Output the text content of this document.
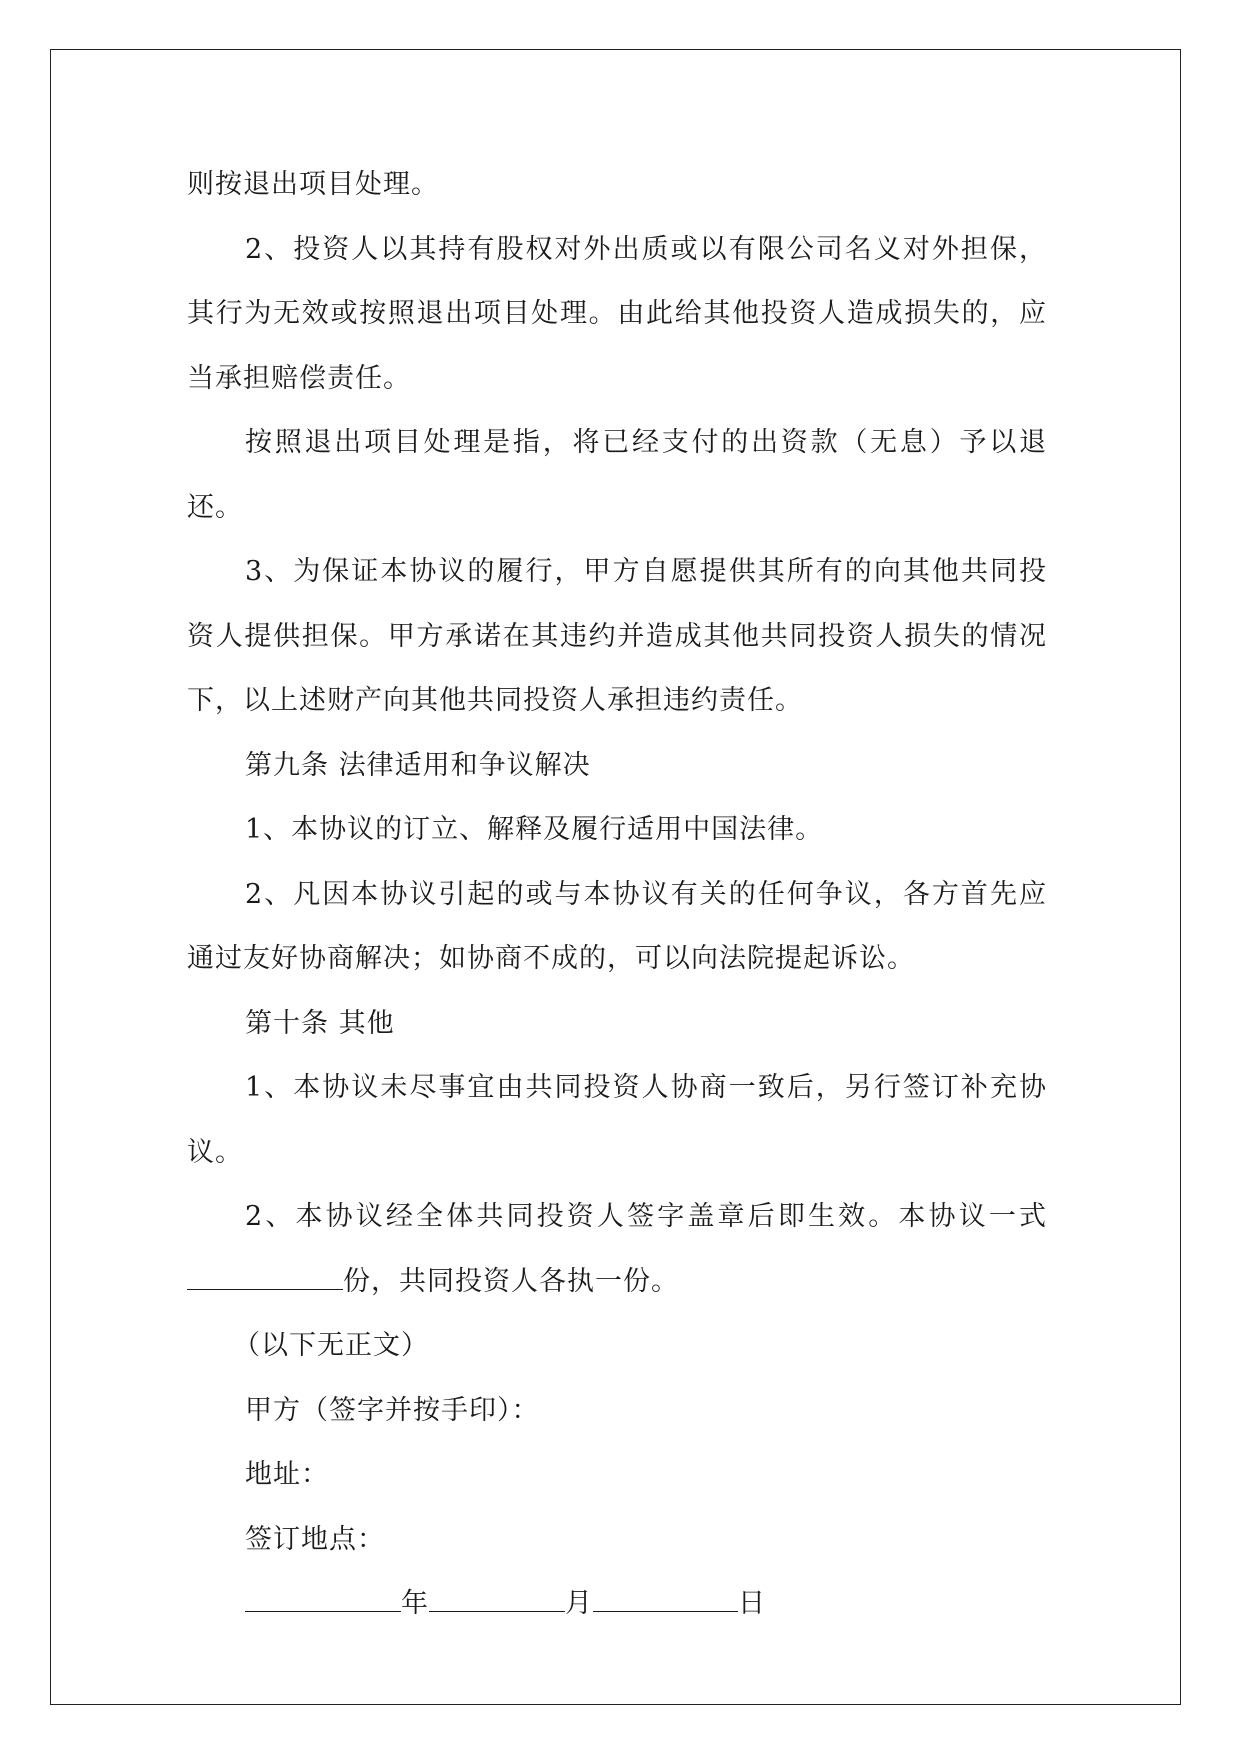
则按退出项目处理。

2、投资人以其持有股权对外出质或以有限公司名义对外担保，其行为无效或按照退出项目处理。由此给其他投资人造成损失的，应当承担赔偿责任。

按照退出项目处理是指，将已经支付的出资款（无息）予以退还。

3、为保证本协议的履行，甲方自愿提供其所有的向其他共同投资人提供担保。甲方承诺在其违约并造成其他共同投资人损失的情况下，以上述财产向其他共同投资人承担违约责任。

第九条 法律适用和争议解决

1、本协议的订立、解释及履行适用中国法律。

2、凡因本协议引起的或与本协议有关的任何争议，各方首先应通过友好协商解决；如协商不成的，可以向法院提起诉讼。

第十条 其他

1、本协议未尽事宜由共同投资人协商一致后，另行签订补充协议。

2、本协议经全体共同投资人签字盖章后即生效。本协议一式份，共同投资人各执一份。

（以下无正文）

甲方（签字并按手印）：

地址：

签订地点：

年	月	日
